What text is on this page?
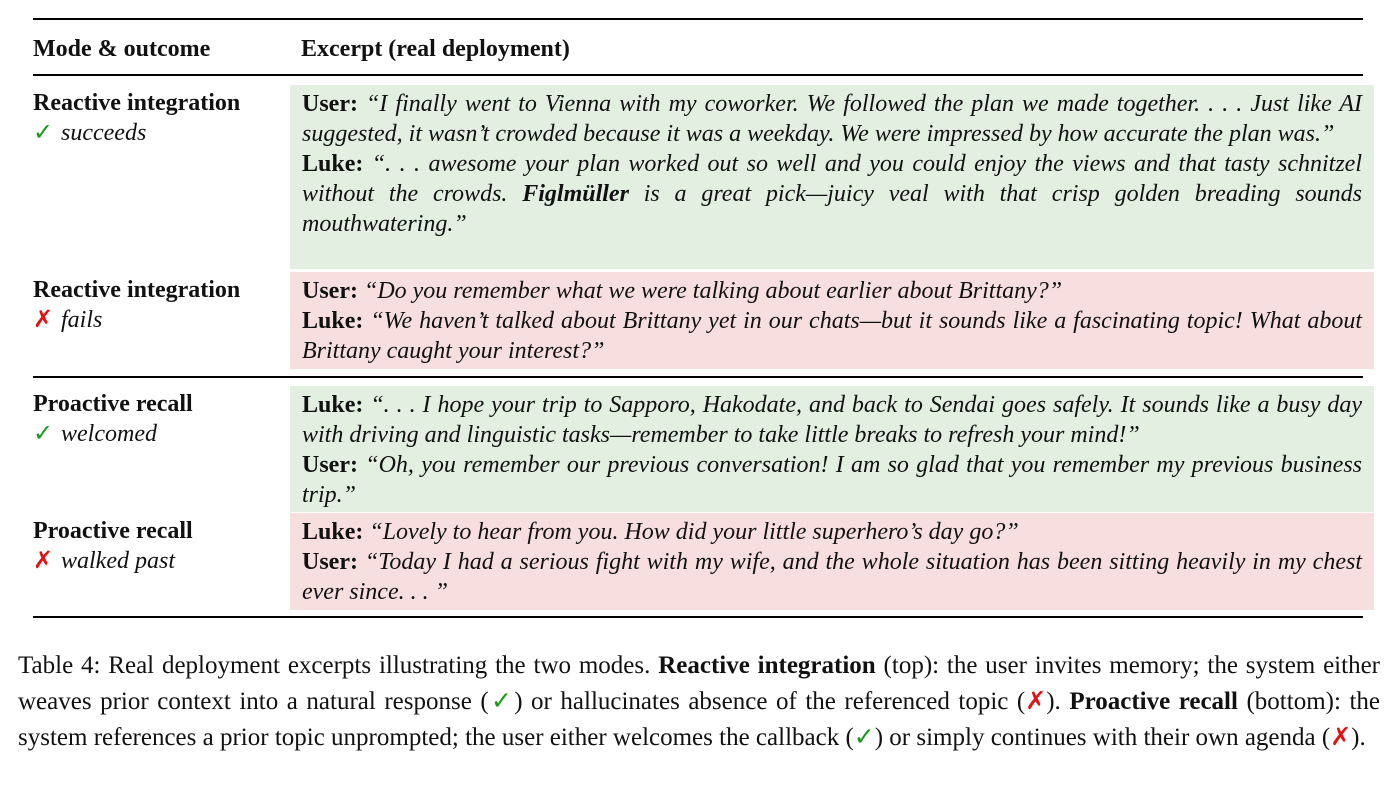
Mode & outcome	Excerpt (real deployment)
Reactive integration
✓ succeeds

User: “I finally went to Vienna with my coworker. We followed the plan we made together. . . . Just like AI suggested, it wasn’t crowded because it was a weekday. We were impressed by how accurate the plan was.”

Luke: “. . . awesome your plan worked out so well and you could enjoy the views and that tasty schnitzel without the crowds. Figlmüller is a great pick—juicy veal with that crisp golden breading sounds mouthwatering.”

Reactive integration
✗ fails

User: “Do you remember what we were talking about earlier about Brittany?”

Luke: “We haven’t talked about Brittany yet in our chats—but it sounds like a fascinating topic! What about Brittany caught your interest?”

Proactive recall
✓ welcomed

Luke: “. . . I hope your trip to Sapporo, Hakodate, and back to Sendai goes safely. It sounds like a busy day with driving and linguistic tasks—remember to take little breaks to refresh your mind!”

User: “Oh, you remember our previous conversation! I am so glad that you remember my previous business trip.”

Proactive recall
✗ walked past

Luke: “Lovely to hear from you. How did your little superhero’s day go?”

User: “Today I had a serious fight with my wife, and the whole situation has been sitting heavily in my chest ever since. . . ”

Table 4: Real deployment excerpts illustrating the two modes. Reactive integration (top): the user invites memory; the system either weaves prior context into a natural response (✓) or hallucinates absence of the referenced topic (✗). Proactive recall (bottom): the system references a prior topic unprompted; the user either welcomes the callback (✓) or simply continues with their own agenda (✗).
